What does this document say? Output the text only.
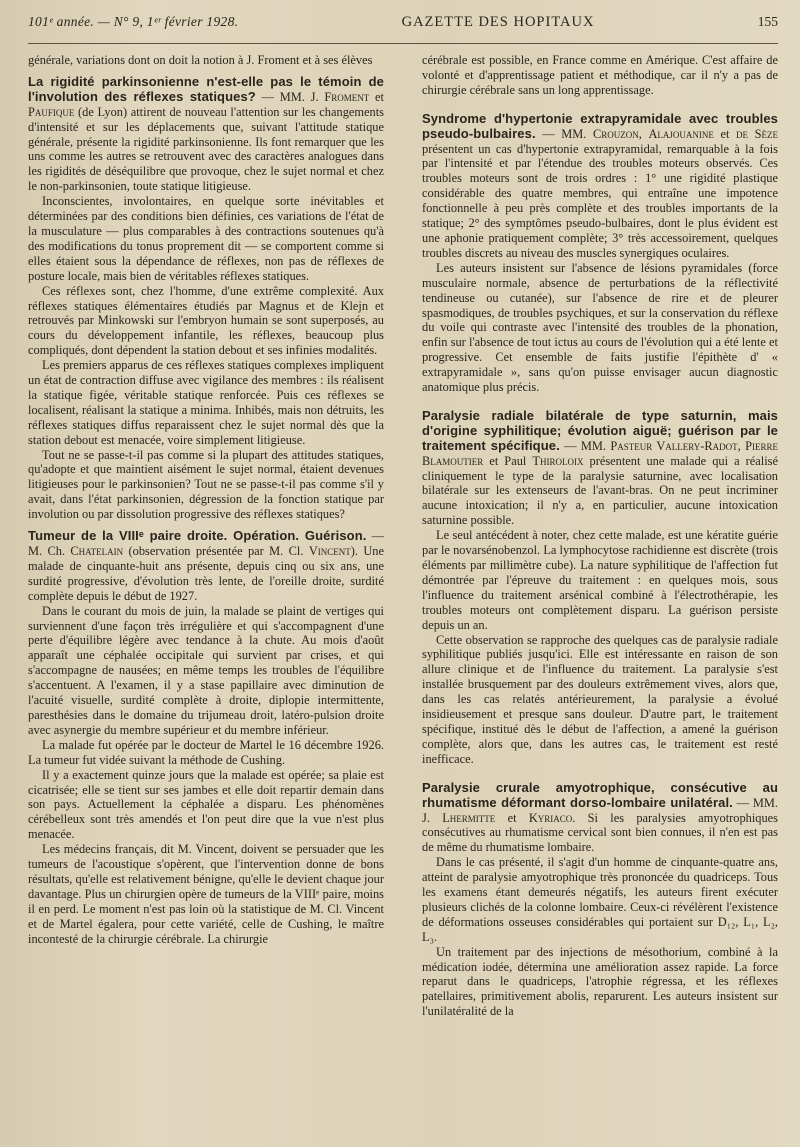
101ᵉ année. — N° 9, 1ᵉʳ février 1928.	GAZETTE DES HOPITAUX	155

générale, variations dont on doit la notion à J. Froment et à ses élèves

La rigidité parkinsonienne n'est-elle pas le témoin de l'involution des réflexes statiques? — MM. J. Froment et Paufique (de Lyon) attirent de nouveau l'attention sur les changements d'intensité et sur les déplacements que, suivant l'attitude statique générale, présente la rigidité parkinsonienne. Ils font remarquer que les uns comme les autres se retrouvent avec des caractères analogues dans les rigidités de déséquilibre que provoque, chez le sujet normal et chez le non-parkinsonien, toute statique litigieuse.

Inconscientes, involontaires, en quelque sorte inévitables et déterminées par des conditions bien définies, ces variations de l'état de la musculature — plus comparables à des contractions soutenues qu'à des modifications du tonus proprement dit — se comportent comme si elles étaient sous la dépendance de réflexes, non pas de réflexes de posture locale, mais bien de véritables réflexes statiques.

Ces réflexes sont, chez l'homme, d'une extrême complexité. Aux réflexes statiques élémentaires étudiés par Magnus et de Klejn et retrouvés par Minkowski sur l'embryon humain se sont superposés, au cours du développement infantile, les réflexes, beaucoup plus compliqués, dont dépendent la station debout et ses infinies modalités.

Les premiers apparus de ces réflexes statiques complexes impliquent un état de contraction diffuse avec vigilance des membres : ils réalisent la statique figée, véritable statique renforcée. Puis ces réflexes se localisent, réalisant la statique a minima. Inhibés, mais non détruits, les réflexes statiques diffus reparaissent chez le sujet normal dès que la station debout est menacée, voire simplement litigieuse.

Tout ne se passe-t-il pas comme si la plupart des attitudes statiques, qu'adopte et que maintient aisément le sujet normal, étaient devenues litigieuses pour le parkinsonien? Tout ne se passe-t-il pas comme s'il y avait, dans l'état parkinsonien, dégression de la fonction statique par involution ou par dissolution progressive des réflexes statiques?

Tumeur de la VIIIᵉ paire droite. Opération. Guérison. — M. Ch. Chatelain (observation présentée par M. Cl. Vincent). Une malade de cinquante-huit ans présente, depuis cinq ou six ans, une surdité progressive, d'évolution très lente, de l'oreille droite, surdité complète depuis le début de 1927.

Dans le courant du mois de juin, la malade se plaint de vertiges qui surviennent d'une façon très irrégulière et qui s'accompagnent d'une perte d'équilibre légère avec tendance à la chute. Au mois d'août apparaît une céphalée occipitale qui survient par crises, et qui s'accompagne de nausées; en même temps les troubles de l'équilibre s'accentuent. A l'examen, il y a stase papillaire avec diminution de l'acuité visuelle, surdité complète à droite, diplopie intermittente, paresthésies dans le domaine du trijumeau droit, latéro-pulsion droite avec asynergie du membre supérieur et du membre inférieur.

La malade fut opérée par le docteur de Martel le 16 décembre 1926. La tumeur fut vidée suivant la méthode de Cushing.

Il y a exactement quinze jours que la malade est opérée; sa plaie est cicatrisée; elle se tient sur ses jambes et elle doit repartir demain dans son pays. Actuellement la céphalée a disparu. Les phénomènes cérébelleux sont très amendés et l'on peut dire que la vue n'est plus menacée.

Les médecins français, dit M. Vincent, doivent se persuader que les tumeurs de l'acoustique s'opèrent, que l'intervention donne de bons résultats, qu'elle est relativement bénigne, qu'elle le devient chaque jour davantage. Plus un chirurgien opère de tumeurs de la VIIIᵉ paire, moins il en perd. Le moment n'est pas loin où la statistique de M. Cl. Vincent et de Martel égalera, pour cette variété, celle de Cushing, le maître incontesté de la chirurgie cérébrale. La chirurgie

cérébrale est possible, en France comme en Amérique. C'est affaire de volonté et d'apprentissage patient et méthodique, car il n'y a pas de chirurgie cérébrale sans un long apprentissage.

Syndrome d'hypertonie extrapyramidale avec troubles pseudo-bulbaires. — MM. Crouzon, Alajouanine et de Sèze présentent un cas d'hypertonie extrapyramidal, remarquable à la fois par l'intensité et par l'étendue des troubles moteurs observés. Ces troubles moteurs sont de trois ordres : 1° une rigidité plastique considérable des quatre membres, qui entraîne une impotence fonctionnelle à peu près complète et des troubles importants de la statique; 2° des symptômes pseudo-bulbaires, dont le plus évident est une aphonie pratiquement complète; 3° très accessoirement, quelques troubles discrets au niveau des muscles synergiques oculaires.

Les auteurs insistent sur l'absence de lésions pyramidales (force musculaire normale, absence de perturbations de la réflectivité tendineuse ou cutanée), sur l'absence de rire et de pleurer spasmodiques, de troubles psychiques, et sur la conservation du réflexe du voile qui contraste avec l'intensité des troubles de la phonation, enfin sur l'absence de tout ictus au cours de l'évolution qui a été lente et progressive. Cet ensemble de faits justifie l'épithète d' « extrapyramidale », sans qu'on puisse envisager aucun diagnostic anatomique plus précis.

Paralysie radiale bilatérale de type saturnin, mais d'origine syphilitique; évolution aiguë; guérison par le traitement spécifique. — MM. Pasteur Vallery-Radot, Pierre Blamoutier et Paul Thiroloix présentent une malade qui a réalisé cliniquement le type de la paralysie saturnine, avec localisation bilatérale sur les extenseurs de l'avant-bras. On ne peut incriminer aucune intoxication; il n'y a, en particulier, aucune intoxication saturnine possible.

Le seul antécédent à noter, chez cette malade, est une kératite guérie par le novarsénobenzol. La lymphocytose rachidienne est discrète (trois éléments par millimètre cube). La nature syphilitique de l'affection fut démontrée par l'épreuve du traitement : en quelques mois, sous l'influence du traitement arsénical combiné à l'électrothérapie, les troubles moteurs ont complètement disparu. La guérison persiste depuis un an.

Cette observation se rapproche des quelques cas de paralysie radiale syphilitique publiés jusqu'ici. Elle est intéressante en raison de son allure clinique et de l'influence du traitement. La paralysie s'est installée brusquement par des douleurs extrêmement vives, alors que, dans les cas relatés antérieurement, la paralysie a évolué insidieusement et presque sans douleur. D'autre part, le traitement spécifique, institué dès le début de l'affection, a amené la guérison complète, alors que, dans les autres cas, le traitement est resté inefficace.

Paralysie crurale amyotrophique, consécutive au rhumatisme déformant dorso-lombaire unilatéral. — MM. J. Lhermitte et Kyriaco. Si les paralysies amyotrophiques consécutives au rhumatisme cervical sont bien connues, il n'en est pas de même du rhumatisme lombaire.

Dans le cas présenté, il s'agit d'un homme de cinquante-quatre ans, atteint de paralysie amyotrophique très prononcée du quadriceps. Tous les examens étant demeurés négatifs, les auteurs firent exécuter plusieurs clichés de la colonne lombaire. Ceux-ci révélèrent l'existence de déformations osseuses considérables qui portaient sur D₁₂, L₁, L₂, L₃.

Un traitement par des injections de mésothorium, combiné à la médication iodée, détermina une amélioration assez rapide. La force reparut dans le quadriceps, l'atrophie régressa, et les réflexes patellaires, primitivement abolis, reparurent. Les auteurs insistent sur l'unilatéralité de la
